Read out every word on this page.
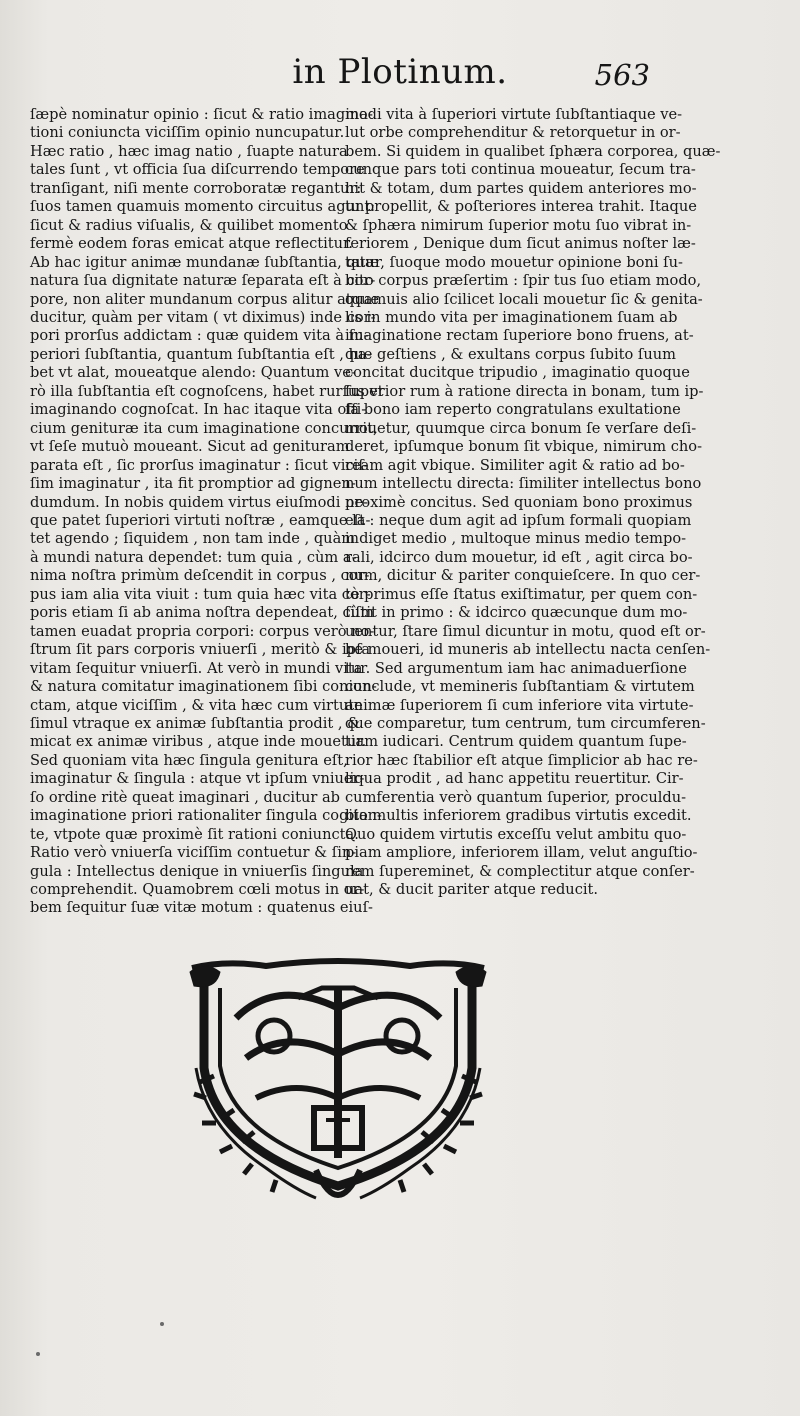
in Plotinum.	563
ſæpè nominatur opinio : ſicut & ratio imagina-
tioni coniuncta viciſſim opinio nuncupatur.
Hæc ratio , hæc imag natio , ſuapte natura
tales ſunt , vt officia ſua diſcurrendo tempore
tranſigant, niſi mente corroboratæ regantur:
ſuos tamen quamuis momento circuitus agunt:
ſicut & radius viſualis, & quilibet momento
fermè eodem foras emicat atque reflectitur.
Ab hac igitur animæ mundanæ ſubſtantia, quæ
natura ſua dignitate naturæ ſeparata eſt à cor-
pore, non aliter mundanum corpus alitur atque
ducitur, quàm per vitam ( vt diximus) inde cor-
pori prorſus addictam : quæ quidem vita à ſu-
periori ſubſtantia, quantum ſubſtantia eſt , ha-
bet vt alat, moueatque alendo: Quantum ve-
rò illa ſubſtantia eſt cognoſcens, habet rurſus vt
imaginando cognoſcat. In hac itaque vita offi-
cium genituræ ita cum imaginatione concurrit,
vt ſeſe mutuò moueant. Sicut ad genituram
parata eſt , ſic prorſus imaginatur : ſicut viciſ-
ſim imaginatur , ita fit promptior ad gignen-
dumdum. In nobis quidem virtus eiuſmodi ne-
que patet ſuperiori virtuti noſtræ , eamque la-
tet agendo ; ſiquidem , non tam inde , quàm
à mundi natura dependet: tum quia , cùm a-
nima noſtra primùm deſcendit in corpus , cor-
pus iam alia vita viuit : tum quia hæc vita cor-
poris etiam ſi ab anima noſtra dependeat, cùm
tamen euadat propria corpori: corpus verò no-
ſtrum ſit pars corporis vniuerſi , meritò & ipſa
vitam ſequitur vniuerſi. At verò in mundi vita
& natura comitatur imaginationem ſibi coniun-
ctam, atque viciſſim , & vita hæc cum virtute
ſimul vtraque ex animæ ſubſtantia prodit , &
micat ex animæ viribus , atque inde mouetur.
Sed quoniam vita hæc ſingula genitura eſt,
imaginatur & ſingula : atque vt ipſum vniuer-
ſo ordine ritè queat imaginari , ducitur ab
imaginatione priori rationaliter ſingula cogitan-
te, vtpote quæ proximè ſit rationi coniuncta.
Ratio verò vniuerſa viciſſim contuetur & ſin-
gula : Intellectus denique in vniuerſis ſingula
comprehendit. Quamobrem cœli motus in or-
bem ſequitur ſuæ vitæ motum : quatenus eiuſ-
modi vita à ſuperiori virtute ſubſtantiaque ve-
lut orbe comprehenditur & retorquetur in or-
bem. Si quidem in qualibet ſphæra corporea, quæ-
cunque pars toti continua moueatur, ſecum tra-
hit & totam, dum partes quidem anteriores mo-
tu propellit, & poſteriores interea trahit. Itaque
& ſphæra nimirum ſuperior motu ſuo vibrat in-
feriorem , Denique dum ſicut animus noſter læ-
tatur, ſuoque modo mouetur opinione boni ſu-
bito corpus præſertim : ſpir tus ſuo etiam modo,
quamuis alio ſcilicet locali mouetur ſic & genita-
lis in mundo vita per imaginationem ſuam ab
imaginatione rectam ſuperiore bono fruens, at-
que geſtiens , & exultans corpus ſubito ſuum
concitat ducitque tripudio , imaginatio quoque
ſuperior rum à ratione directa in bonam, tum ip-
ſa bono iam reperto congratulans exultatione
mouetur, quumque circa bonum ſe verſare deſi-
deret, ipſumque bonum ſit vbique, nimirum cho-
ream agit vbique. Similiter agit & ratio ad bo-
num intellectu directa: ſimiliter intellectus bono
proximè concitus. Sed quoniam bono proximus
eſt : neque dum agit ad ipſum formali quopiam
indiget medio , multoque minus medio tempo-
rali, idcirco dum mouetur, id eſt , agit circa bo-
num, dicitur & pariter conquieſcere. In quo cer-
tè primus eſſe ſtatus exiſtimatur, per quem con-
ſiſtit in primo : & idcirco quæcunque dum mo-
uentur, ſtare ſimul dicuntur in motu, quod eſt or-
be moueri, id muneris ab intellectu nacta cenſen-
tur. Sed argumentum iam hac animaduerſione
conclude, vt memineris ſubſtantiam & virtutem
animæ ſuperiorem ſi cum inferiore vita virtute-
que comparetur, tum centrum, tum circumferen-
tiam iudicari. Centrum quidem quantum ſupe-
rior hæc ſtabilior eſt atque ſimplicior ab hac re-
liqua prodit , ad hanc appetitu reuertitur. Cir-
cumferentia verò quantum ſuperior, proculdu-
bio multis inferiorem gradibus virtutis excedit.
Quo quidem virtutis exceſſu velut ambitu quo-
piam ampliore, inferiorem illam, velut anguſtio-
rem ſupereminet, & complectitur atque conſer-
uat, & ducit pariter atque reducit.
